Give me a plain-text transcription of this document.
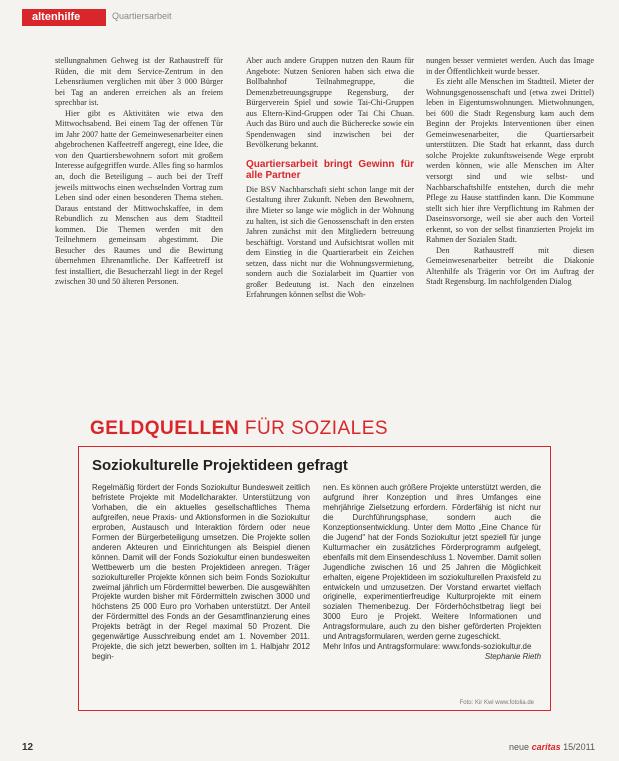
altenhilfe	Quartiersarbeit

stellungnahmen Gehweg ist der Rathaustreff für Rüden, die mit dem Service-Zentrum in den Lebensräumen verglichen mit über 3 000 Bürger bei Tag an anderen erreichen als an freiem sprechbar ist.

Hier gibt es Aktivitäten wie etwa den Mittwochsabend. Bei einem Tag der offenen Tür im Jahr 2007 hatte der Gemeinwesenarbeiter einen abgebrochenen Kaffeetreff angeregt, eine Idee, die von den Quartiersbewohnern sofort mit großem Interesse aufgegriffen wurde. Alles fing so harmlos an, doch die Beteiligung – auch bei der Treff jeweils mittwochs einen wechselnden Vortrag zum Leben sind oder einen besonderen Thema stehen. Daraus entstand der Mittwochskaffee, in dem Rebundlich zu Menschen aus dem Stadtteil kommen. Die Themen werden mit den Teilnehmern gemeinsam abgestimmt. Die Besucher des Raumes und die Bewirtung übernehmen Ehrenamtliche. Der Kaffeetreff ist fest installiert, die Besucherzahl liegt in der Regel zwischen 30 und 50 älteren Personen.

Aber auch andere Gruppen nutzen den Raum für Angebote: Nutzen Senioren haben sich etwa die Bollbahnhof Teilnahmegruppe, die Demenzbetreuungsgruppe Regensburg, der Bürgerverein Spiel und sowie Tai-Chi-Gruppen aus Eltern-Kind-Gruppen oder Tai Chi Chuan. Auch das Büro und auch die Bücherecke sowie ein Spendenwagen sind inzwischen bei der Bevölkerung bekannt.

Quartiersarbeit bringt Gewinn für alle Partner

Die BSV Nachbarschaft sieht schon lange mit der Gestaltung ihrer Zukunft. Neben den Bewohnern, ihre Mieter so lange wie möglich in der Wohnung zu halten, ist sich die Genossenschaft in den ersten Jahren zunächst mit den Mitgliedern betreuung beschäftigt. Vorstand und Aufsichtsrat wollen mit dem Einstieg in die Quartierarbeit ein Zeichen setzen, dass nicht nur die Wohnungsvermietung, sondern auch die Sozialarbeit im Quartier von großer Bedeutung ist. Nach den einzelnen Erfahrungen können selbst die Woh-

nungen besser vermietet werden. Auch das Image in der Öffentlichkeit wurde besser.

Es zieht alle Menschen im Stadtteil. Mieter der Wohnungsgenossenschaft und (etwa zwei Drittel) leben in Eigentumswohnungen. Mietwohnungen, bei 600 die Stadt Regensburg kam auch dem Beginn der Projekts Interventionen über einen Gemeinwesenarbeiter, die Quartiersarbeit unterstützen. Die Stadt hat erkannt, dass durch solche Projekte zukunftsweisende Wege erprobt werden können, wie alle Menschen im Alter versorgt sind und wie selbst- und Nachbarschaftshilfe entstehen, durch die mehr Pflege zu Hause stattfinden kann. Die Kommune stellt sich hier ihre Verpflichtung im Rahmen der Daseinsvorsorge, weil sie aber auch den Vorteil erkennt, so von der selbst finanzierten Projekt im Rahmen der Sozialen Stadt.

Den Rathaustreff mit diesen Gemeinwesenarbeiter betreibt die Diakonie Altenhilfe als Trägerin vor Ort im Auftrag der Stadt Regensburg. Im nachfolgenden Dialog

GELDQUELLEN FÜR SOZIALES
Soziokulturelle Projektideen gefragt

Regelmäßig fördert der Fonds Soziokultur Bundesweit zeitlich befristete Projekte mit Modellcharakter. Unterstützung von Vorhaben, die ein aktuelles gesellschaftliches Thema aufgreifen, neue Praxis- und Aktionsformen in die Soziokultur erproben, Austausch und Interaktion fördern oder neue Formen der Bürgerbeteiligung umsetzen. Die Projekte sollen anderen Akteuren und Einrichtungen als Beispiel dienen können. Damit will der Fonds Soziokultur einen bundesweiten Wettbewerb um die besten Projektideen anregen. Träger soziokultureller Projekte können sich beim Fonds Soziokultur zweimal jährlich um Fördermittel bewerben. Die ausgewählten Projekte wurden bisher mit Fördermitteln zwischen 3000 und höchstens 25 000 Euro pro Vorhaben unterstützt. Der Anteil der Fördermittel des Fonds an der Gesamtfinanzierung eines Projekts beträgt in der Regel maximal 50 Prozent. Die gegenwärtige Ausschreibung endet am 1. November 2011. Projekte, die sich jetzt bewerben, sollten im 1. Halbjahr 2012 begin-

nen. Es können auch größere Projekte unterstützt werden, die aufgrund ihrer Konzeption und ihres Umfanges eine mehrjährige Zielsetzung erfordern. Förderfähig ist nicht nur die Durchführungsphase, sondern auch die Konzeptionsentwicklung. Unter dem Motto „Eine Chance für die Jugend" hat der Fonds Soziokultur jetzt speziell für junge Kulturmacher ein zusätzliches Förderprogramm aufgelegt, ebenfalls mit dem Einsendeschluss 1. November. Damit sollen Jugendliche zwischen 16 und 25 Jahren die Möglichkeit erhalten, eigene Projektideen im soziokulturellen Praxisfeld zu entwickeln und umzusetzen. Der Vorstand erwartet vielfach originelle, experimentierfreudige Kulturprojekte mit einem sozialen Themenbezug. Der Förderhöchstbetrag liegt bei 3000 Euro je Projekt. Weitere Informationen und Antragsformulare, auch zu den bisher geförderten Projekten und Antragsformularen, werden gerne zugeschickt.

Mehr Infos und Antragsformulare: www.fonds-soziokultur.de

Stephanie Rieth

Foto: Kir Kwi www.fotolia.de
12	neue caritas 15/2011
